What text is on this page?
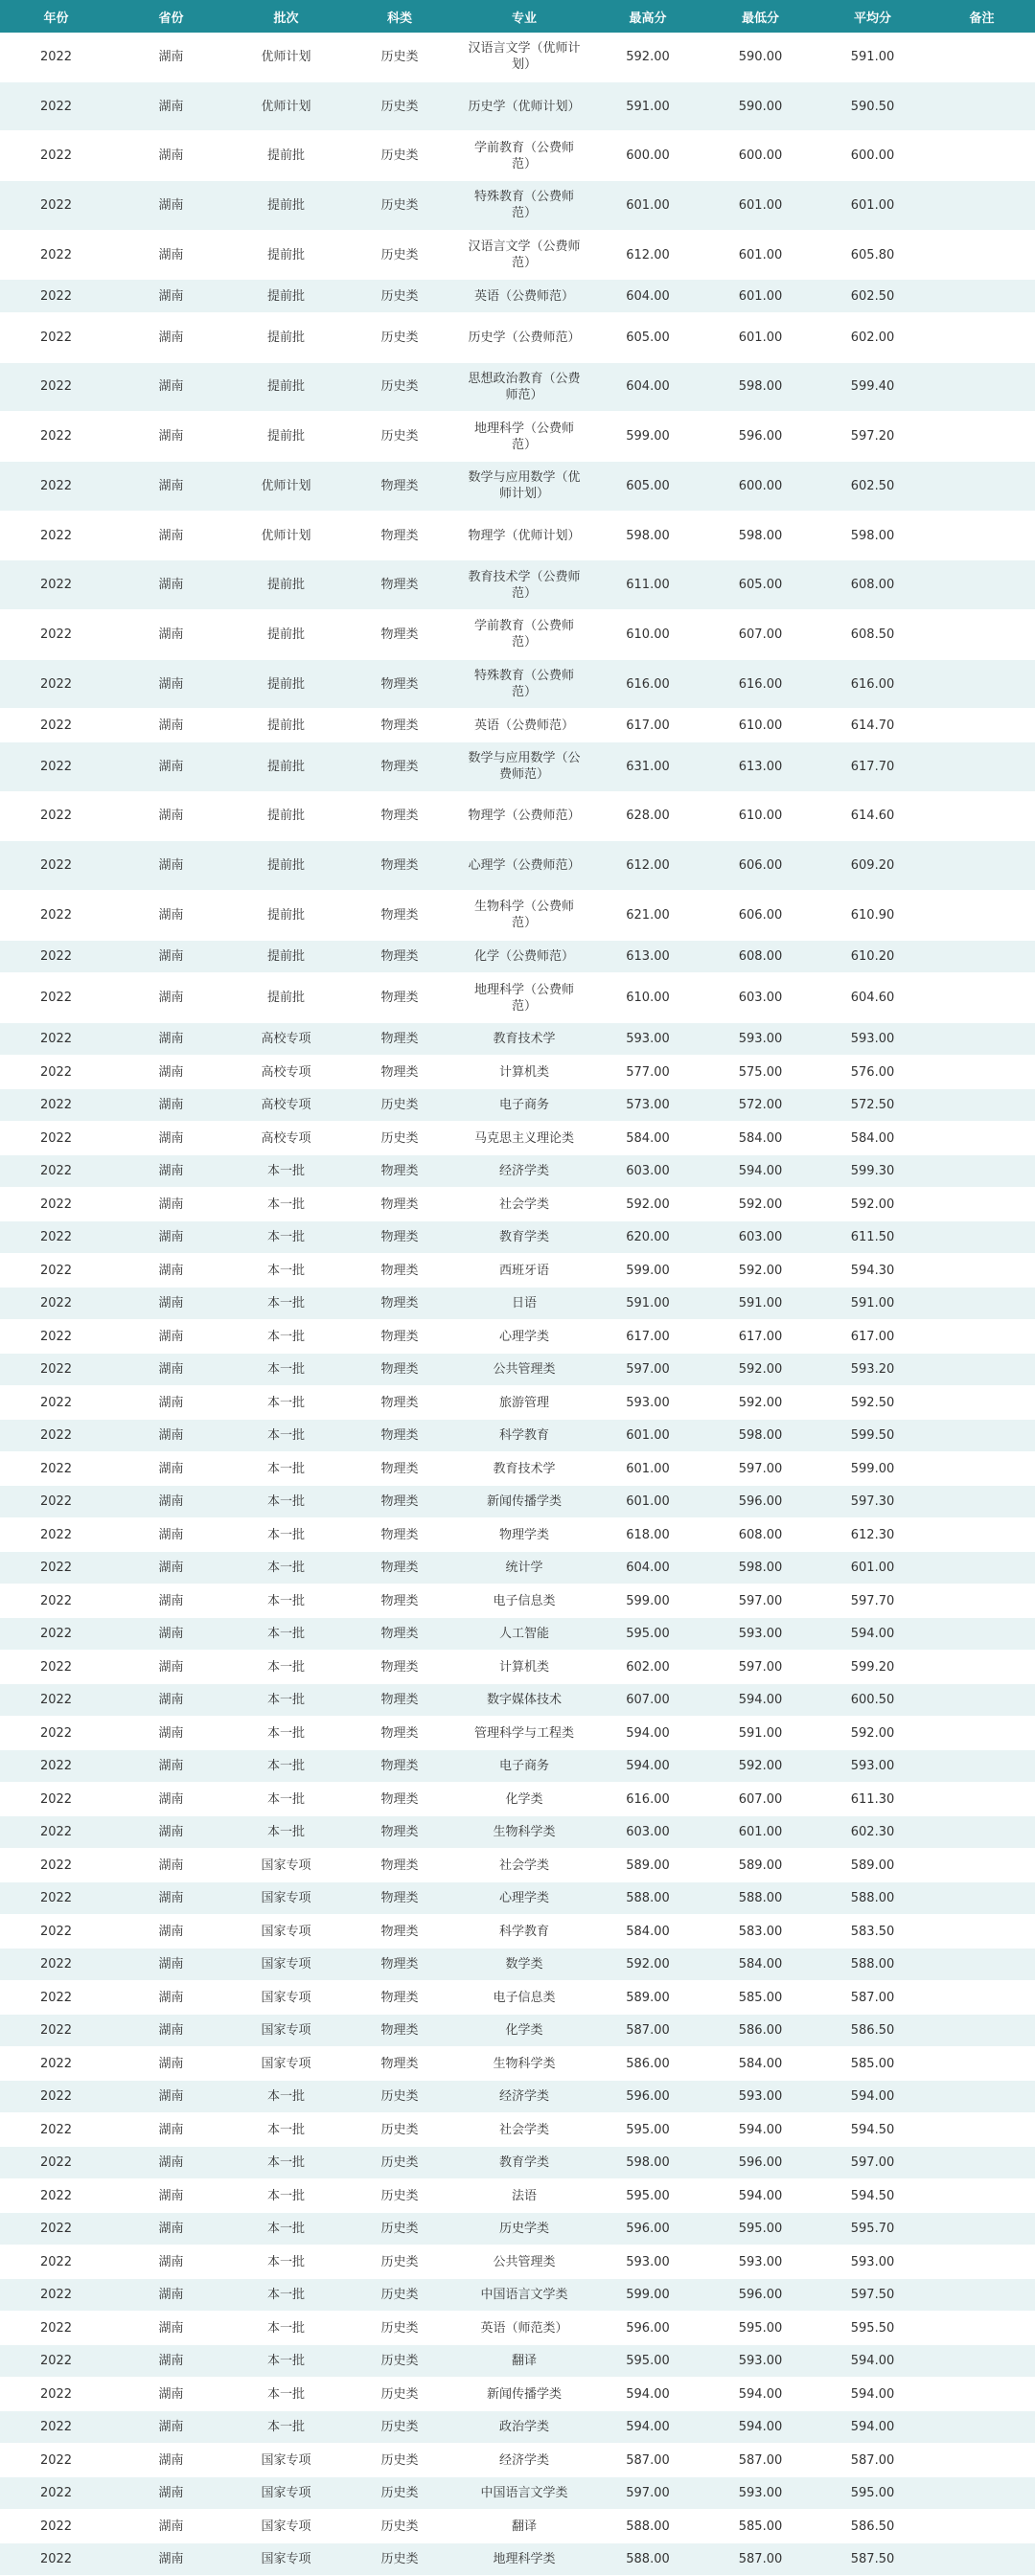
年份	省份	批次	科类	专业	最高分	最低分	平均分	备注
2022	湖南	优师计划	历史类	汉语言文学（优师计划）	592.00	590.00	591.00	
2022	湖南	优师计划	历史类	历史学（优师计划）	591.00	590.00	590.50	
2022	湖南	提前批	历史类	学前教育（公费师范）	600.00	600.00	600.00	
2022	湖南	提前批	历史类	特殊教育（公费师范）	601.00	601.00	601.00	
2022	湖南	提前批	历史类	汉语言文学（公费师范）	612.00	601.00	605.80	
2022	湖南	提前批	历史类	英语（公费师范）	604.00	601.00	602.50	
2022	湖南	提前批	历史类	历史学（公费师范）	605.00	601.00	602.00	
2022	湖南	提前批	历史类	思想政治教育（公费师范）	604.00	598.00	599.40	
2022	湖南	提前批	历史类	地理科学（公费师范）	599.00	596.00	597.20	
2022	湖南	优师计划	物理类	数学与应用数学（优师计划）	605.00	600.00	602.50	
2022	湖南	优师计划	物理类	物理学（优师计划）	598.00	598.00	598.00	
2022	湖南	提前批	物理类	教育技术学（公费师范）	611.00	605.00	608.00	
2022	湖南	提前批	物理类	学前教育（公费师范）	610.00	607.00	608.50	
2022	湖南	提前批	物理类	特殊教育（公费师范）	616.00	616.00	616.00	
2022	湖南	提前批	物理类	英语（公费师范）	617.00	610.00	614.70	
2022	湖南	提前批	物理类	数学与应用数学（公费师范）	631.00	613.00	617.70	
2022	湖南	提前批	物理类	物理学（公费师范）	628.00	610.00	614.60	
2022	湖南	提前批	物理类	心理学（公费师范）	612.00	606.00	609.20	
2022	湖南	提前批	物理类	生物科学（公费师范）	621.00	606.00	610.90	
2022	湖南	提前批	物理类	化学（公费师范）	613.00	608.00	610.20	
2022	湖南	提前批	物理类	地理科学（公费师范）	610.00	603.00	604.60	
2022	湖南	高校专项	物理类	教育技术学	593.00	593.00	593.00	
2022	湖南	高校专项	物理类	计算机类	577.00	575.00	576.00	
2022	湖南	高校专项	历史类	电子商务	573.00	572.00	572.50	
2022	湖南	高校专项	历史类	马克思主义理论类	584.00	584.00	584.00	
2022	湖南	本一批	物理类	经济学类	603.00	594.00	599.30	
2022	湖南	本一批	物理类	社会学类	592.00	592.00	592.00	
2022	湖南	本一批	物理类	教育学类	620.00	603.00	611.50	
2022	湖南	本一批	物理类	西班牙语	599.00	592.00	594.30	
2022	湖南	本一批	物理类	日语	591.00	591.00	591.00	
2022	湖南	本一批	物理类	心理学类	617.00	617.00	617.00	
2022	湖南	本一批	物理类	公共管理类	597.00	592.00	593.20	
2022	湖南	本一批	物理类	旅游管理	593.00	592.00	592.50	
2022	湖南	本一批	物理类	科学教育	601.00	598.00	599.50	
2022	湖南	本一批	物理类	教育技术学	601.00	597.00	599.00	
2022	湖南	本一批	物理类	新闻传播学类	601.00	596.00	597.30	
2022	湖南	本一批	物理类	物理学类	618.00	608.00	612.30	
2022	湖南	本一批	物理类	统计学	604.00	598.00	601.00	
2022	湖南	本一批	物理类	电子信息类	599.00	597.00	597.70	
2022	湖南	本一批	物理类	人工智能	595.00	593.00	594.00	
2022	湖南	本一批	物理类	计算机类	602.00	597.00	599.20	
2022	湖南	本一批	物理类	数字媒体技术	607.00	594.00	600.50	
2022	湖南	本一批	物理类	管理科学与工程类	594.00	591.00	592.00	
2022	湖南	本一批	物理类	电子商务	594.00	592.00	593.00	
2022	湖南	本一批	物理类	化学类	616.00	607.00	611.30	
2022	湖南	本一批	物理类	生物科学类	603.00	601.00	602.30	
2022	湖南	国家专项	物理类	社会学类	589.00	589.00	589.00	
2022	湖南	国家专项	物理类	心理学类	588.00	588.00	588.00	
2022	湖南	国家专项	物理类	科学教育	584.00	583.00	583.50	
2022	湖南	国家专项	物理类	数学类	592.00	584.00	588.00	
2022	湖南	国家专项	物理类	电子信息类	589.00	585.00	587.00	
2022	湖南	国家专项	物理类	化学类	587.00	586.00	586.50	
2022	湖南	国家专项	物理类	生物科学类	586.00	584.00	585.00	
2022	湖南	本一批	历史类	经济学类	596.00	593.00	594.00	
2022	湖南	本一批	历史类	社会学类	595.00	594.00	594.50	
2022	湖南	本一批	历史类	教育学类	598.00	596.00	597.00	
2022	湖南	本一批	历史类	法语	595.00	594.00	594.50	
2022	湖南	本一批	历史类	历史学类	596.00	595.00	595.70	
2022	湖南	本一批	历史类	公共管理类	593.00	593.00	593.00	
2022	湖南	本一批	历史类	中国语言文学类	599.00	596.00	597.50	
2022	湖南	本一批	历史类	英语（师范类）	596.00	595.00	595.50	
2022	湖南	本一批	历史类	翻译	595.00	593.00	594.00	
2022	湖南	本一批	历史类	新闻传播学类	594.00	594.00	594.00	
2022	湖南	本一批	历史类	政治学类	594.00	594.00	594.00	
2022	湖南	国家专项	历史类	经济学类	587.00	587.00	587.00	
2022	湖南	国家专项	历史类	中国语言文学类	597.00	593.00	595.00	
2022	湖南	国家专项	历史类	翻译	588.00	585.00	586.50	
2022	湖南	国家专项	历史类	地理科学类	588.00	587.00	587.50	
